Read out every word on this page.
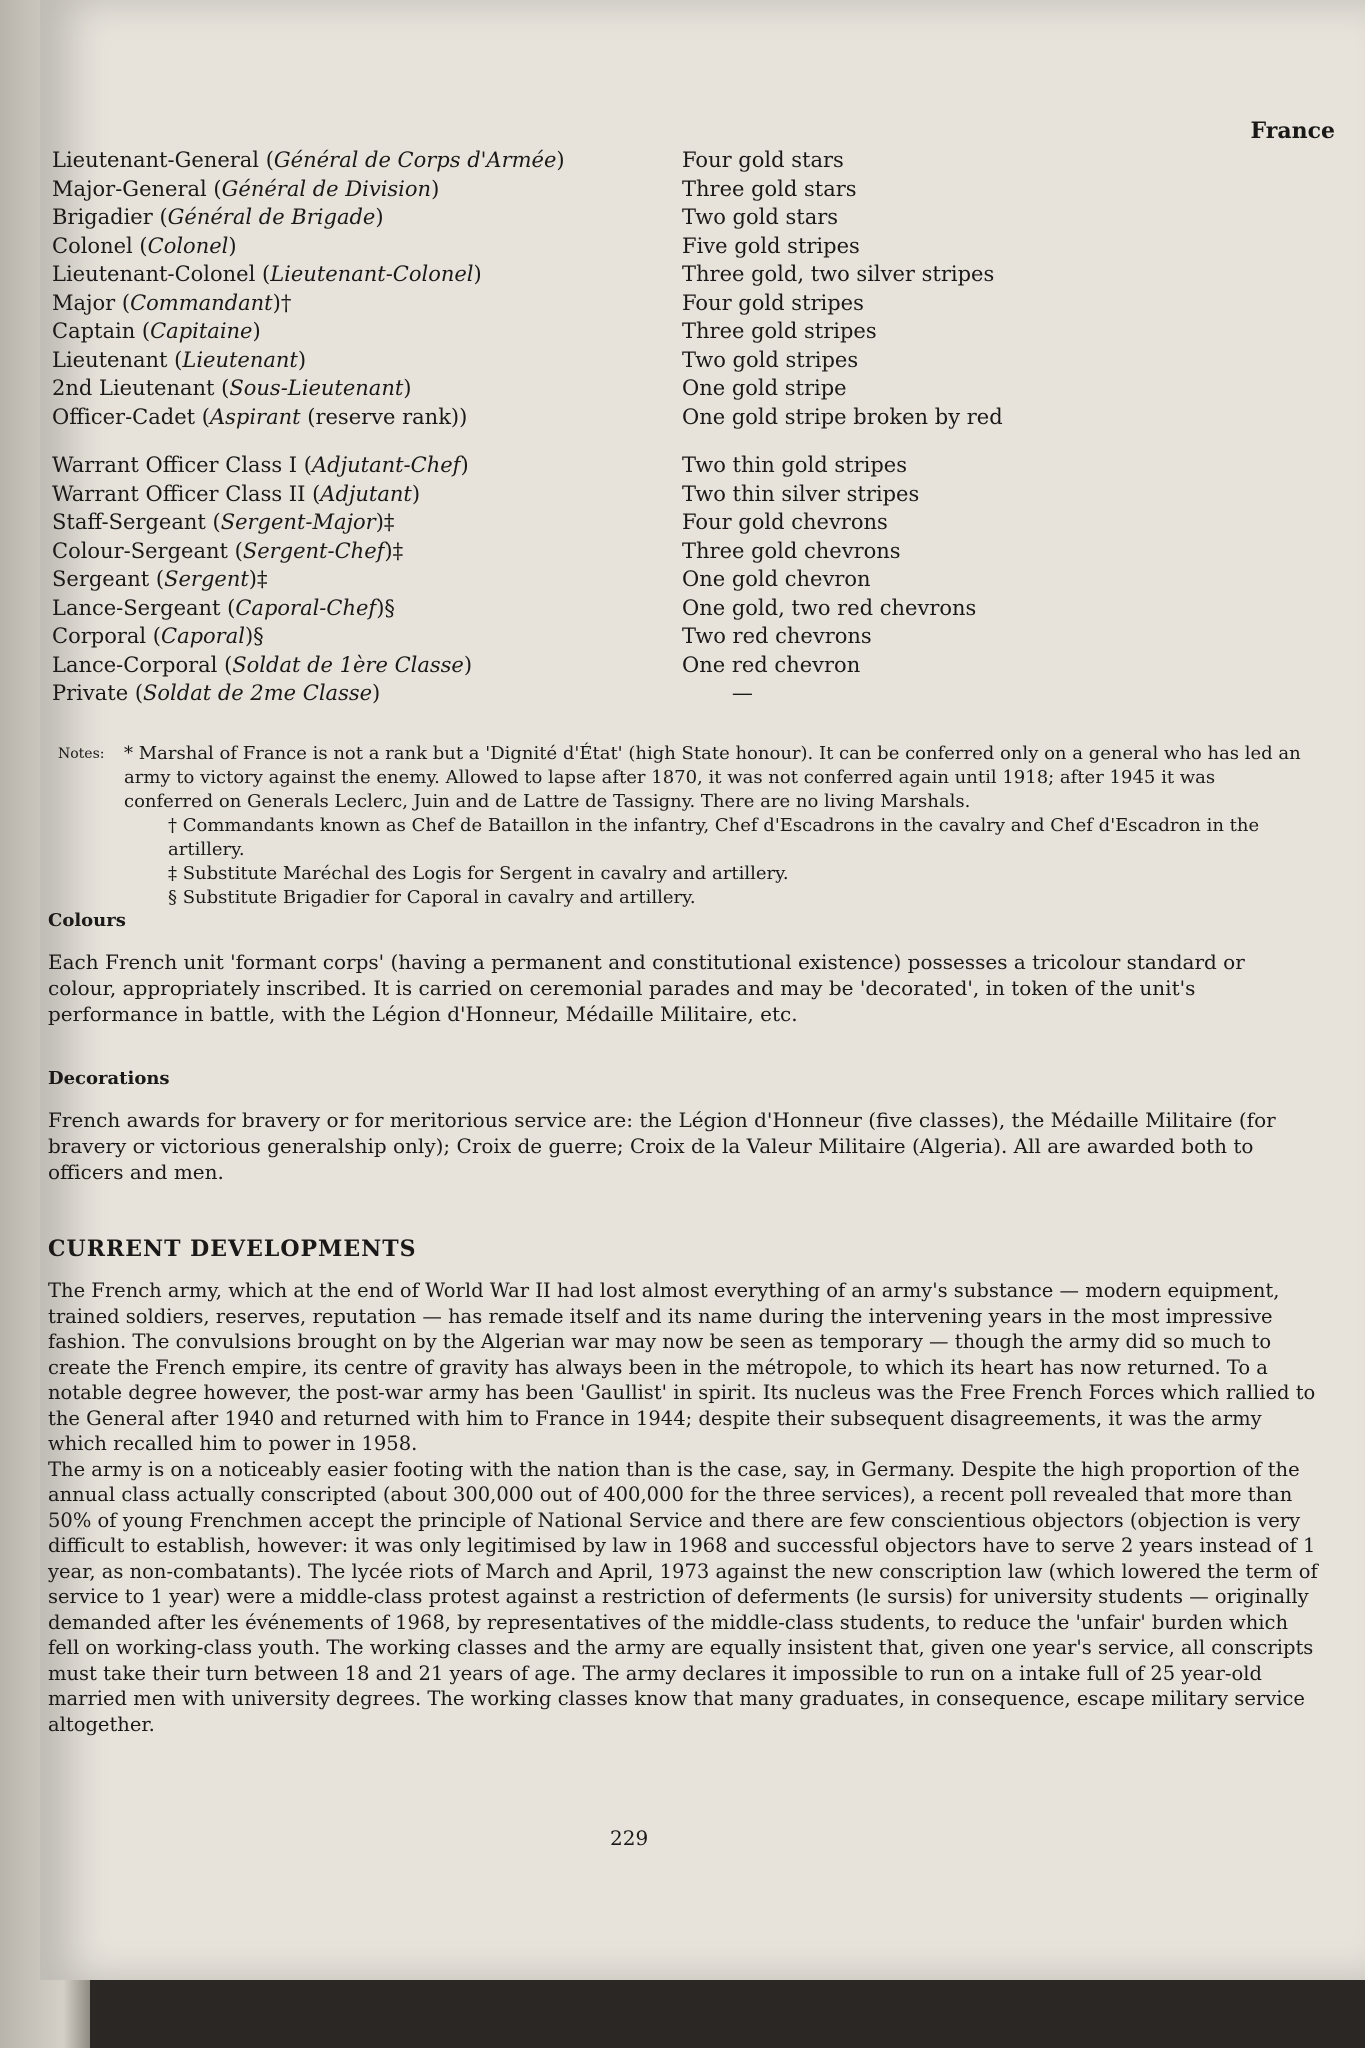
France
Lieutenant-General (Général de Corps d'Armée)	Four gold stars
Major-General (Général de Division)	Three gold stars
Brigadier (Général de Brigade)	Two gold stars
Colonel (Colonel)	Five gold stripes
Lieutenant-Colonel (Lieutenant-Colonel)	Three gold, two silver stripes
Major (Commandant)†	Four gold stripes
Captain (Capitaine)	Three gold stripes
Lieutenant (Lieutenant)	Two gold stripes
2nd Lieutenant (Sous-Lieutenant)	One gold stripe
Officer-Cadet (Aspirant (reserve rank))	One gold stripe broken by red
Warrant Officer Class I (Adjutant-Chef)	Two thin gold stripes
Warrant Officer Class II (Adjutant)	Two thin silver stripes
Staff-Sergeant (Sergent-Major)‡	Four gold chevrons
Colour-Sergeant (Sergent-Chef)‡	Three gold chevrons
Sergeant (Sergent)‡	One gold chevron
Lance-Sergeant (Caporal-Chef)§	One gold, two red chevrons
Corporal (Caporal)§	Two red chevrons
Lance-Corporal (Soldat de 1ère Classe)	One red chevron
Private (Soldat de 2me Classe)	—
Notes:	* Marshal of France is not a rank but a 'Dignité d'État' (high State honour). It can be conferred only on a general who has led an army to victory against the enemy. Allowed to lapse after 1870, it was not conferred again until 1918; after 1945 it was conferred on Generals Leclerc, Juin and de Lattre de Tassigny. There are no living Marshals.
† Commandants known as Chef de Bataillon in the infantry, Chef d'Escadrons in the cavalry and Chef d'Escadron in the artillery.
‡ Substitute Maréchal des Logis for Sergent in cavalry and artillery.
§ Substitute Brigadier for Caporal in cavalry and artillery.

Colours

Each French unit 'formant corps' (having a permanent and constitutional existence) possesses a tricolour standard or colour, appropriately inscribed. It is carried on ceremonial parades and may be 'decorated', in token of the unit's performance in battle, with the Légion d'Honneur, Médaille Militaire, etc.

Decorations

French awards for bravery or for meritorious service are: the Légion d'Honneur (five classes), the Médaille Militaire (for bravery or victorious generalship only); Croix de guerre; Croix de la Valeur Militaire (Algeria). All are awarded both to officers and men.

CURRENT DEVELOPMENTS

The French army, which at the end of World War II had lost almost everything of an army's substance — modern equipment, trained soldiers, reserves, reputation — has remade itself and its name during the intervening years in the most impressive fashion. The convulsions brought on by the Algerian war may now be seen as temporary — though the army did so much to create the French empire, its centre of gravity has always been in the métropole, to which its heart has now returned. To a notable degree however, the post-war army has been 'Gaullist' in spirit. Its nucleus was the Free French Forces which rallied to the General after 1940 and returned with him to France in 1944; despite their subsequent disagreements, it was the army which recalled him to power in 1958.

The army is on a noticeably easier footing with the nation than is the case, say, in Germany. Despite the high proportion of the annual class actually conscripted (about 300,000 out of 400,000 for the three services), a recent poll revealed that more than 50% of young Frenchmen accept the principle of National Service and there are few conscientious objectors (objection is very difficult to establish, however: it was only legitimised by law in 1968 and successful objectors have to serve 2 years instead of 1 year, as non-combatants). The lycée riots of March and April, 1973 against the new conscription law (which lowered the term of service to 1 year) were a middle-class protest against a restriction of deferments (le sursis) for university students — originally demanded after les événements of 1968, by representatives of the middle-class students, to reduce the 'unfair' burden which fell on working-class youth. The working classes and the army are equally insistent that, given one year's service, all conscripts must take their turn between 18 and 21 years of age. The army declares it impossible to run on a intake full of 25 year-old married men with university degrees. The working classes know that many graduates, in consequence, escape military service altogether.

229
